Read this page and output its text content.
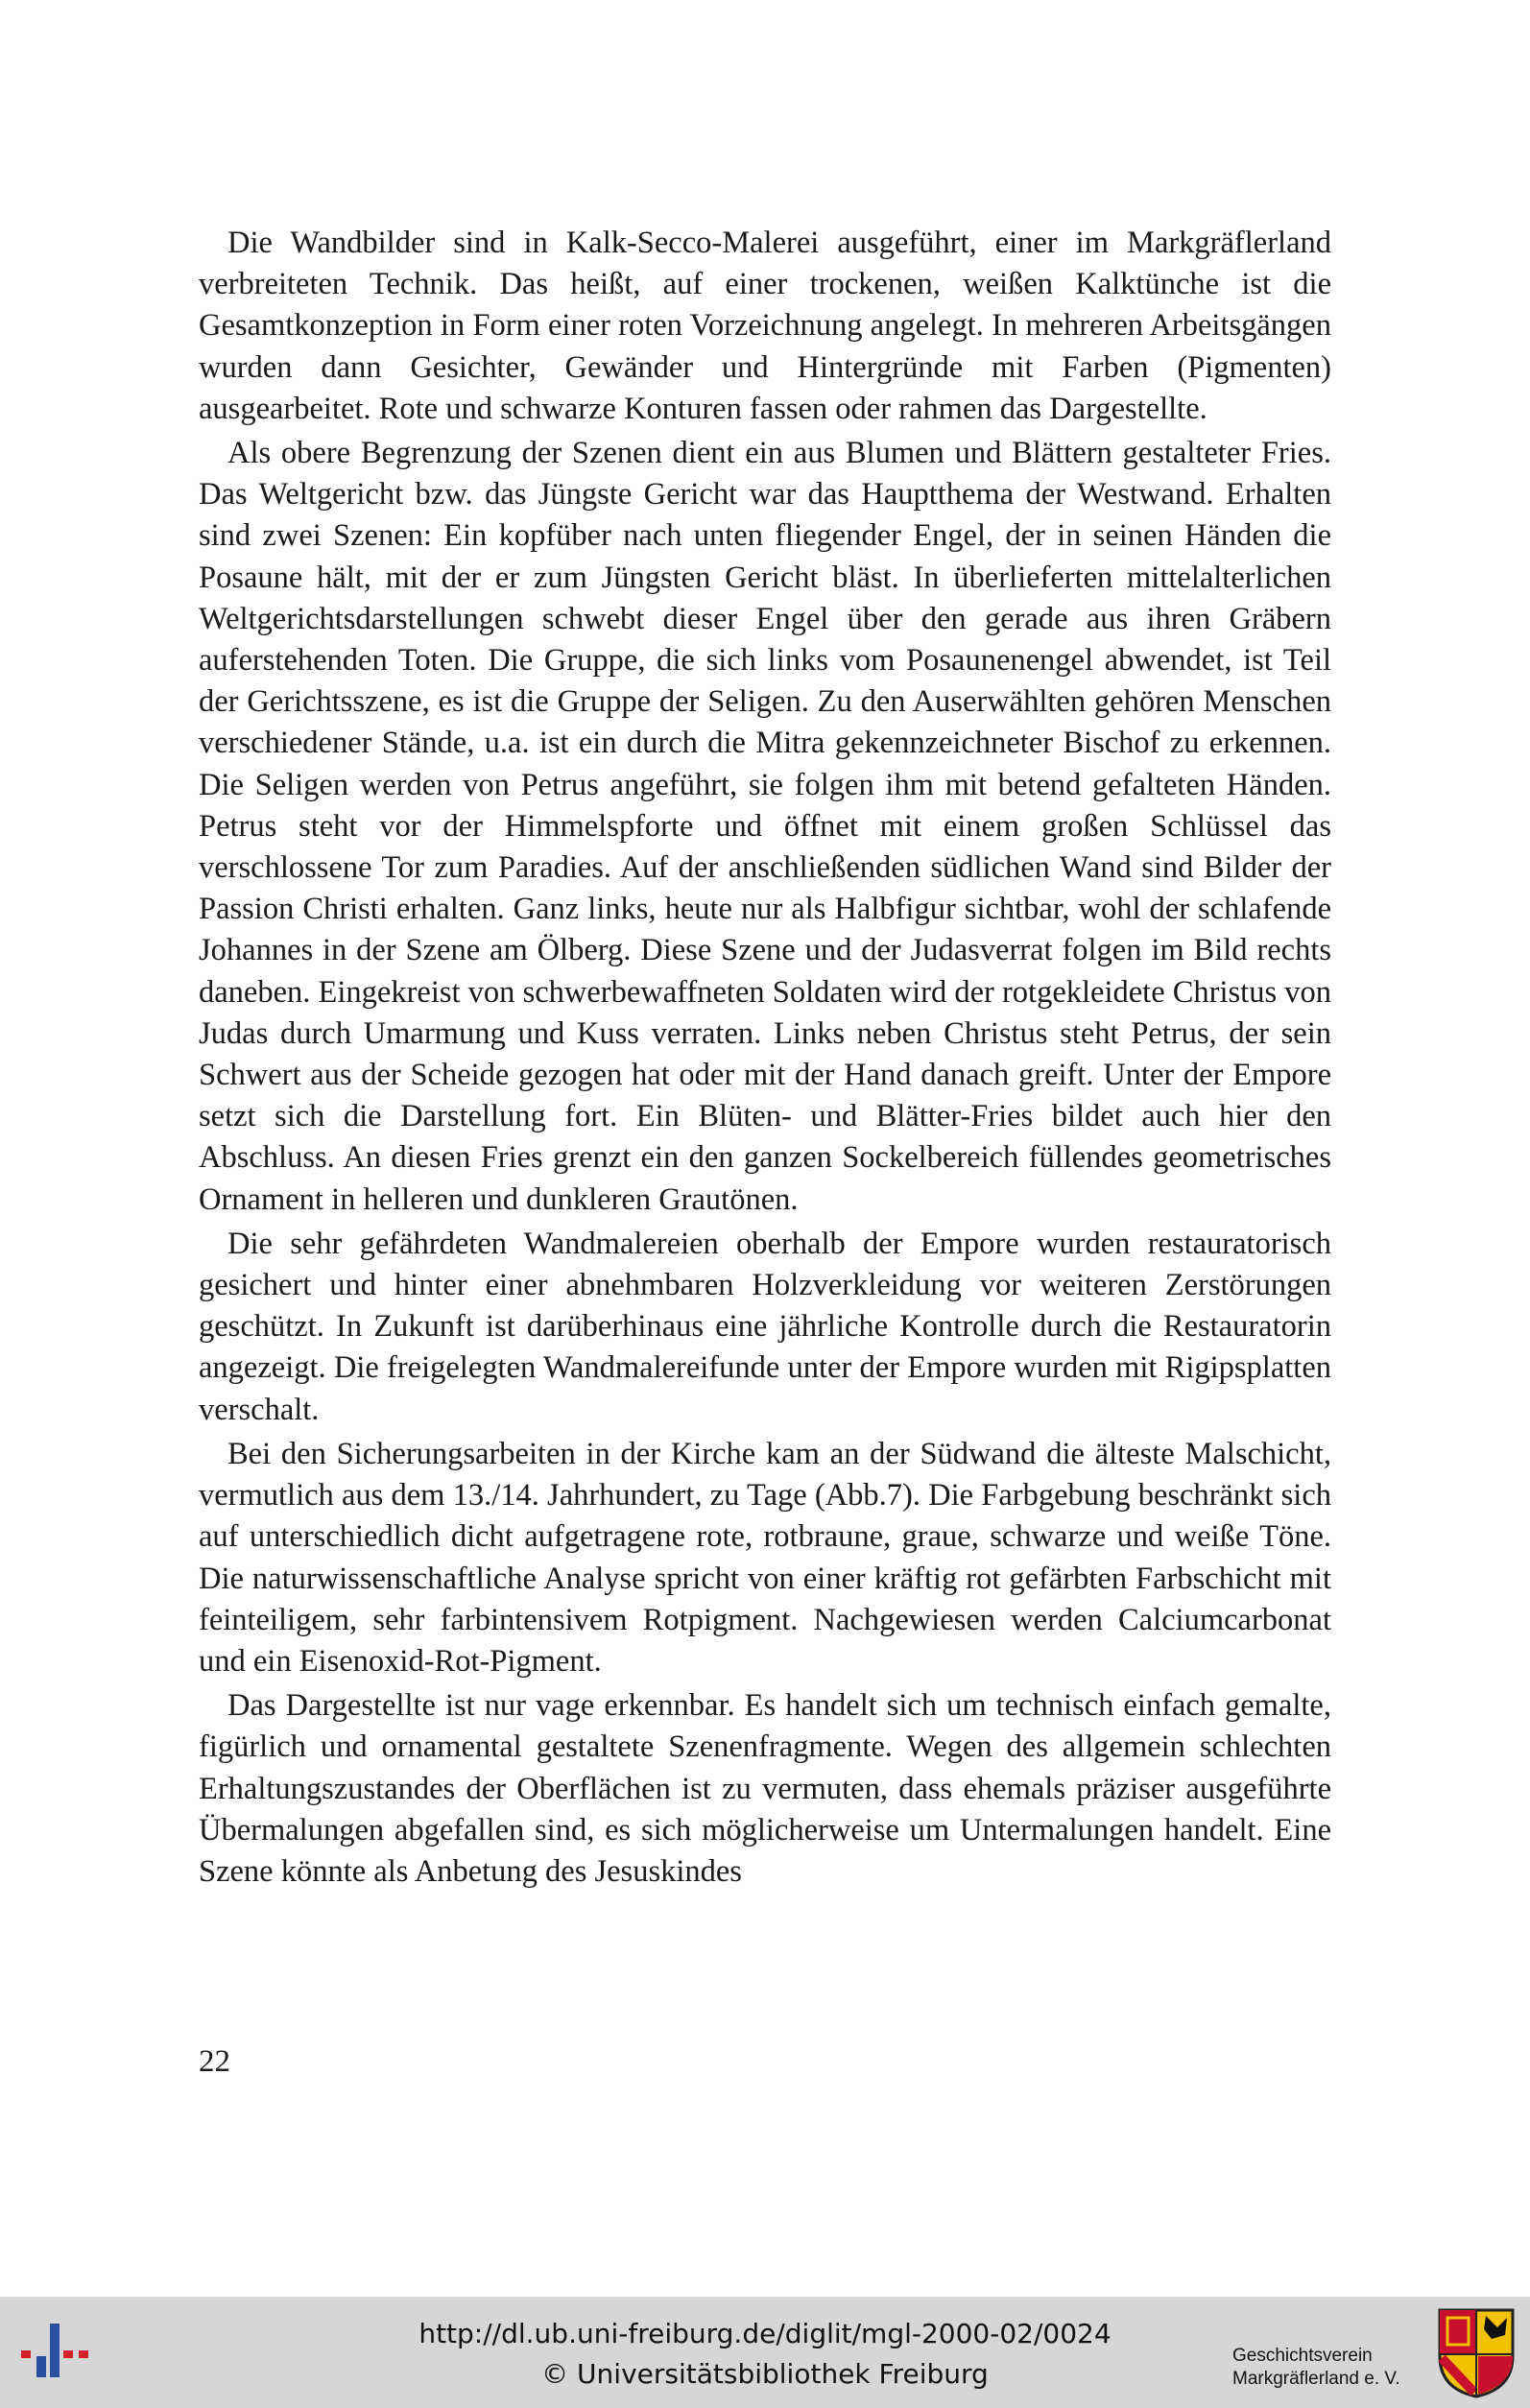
Die Wandbilder sind in Kalk-Secco-Malerei ausgeführt, einer im Markgräflerland verbreiteten Technik. Das heißt, auf einer trockenen, weißen Kalktünche ist die Gesamtkonzeption in Form einer roten Vorzeichnung angelegt. In mehreren Arbeitsgängen wurden dann Gesichter, Gewänder und Hintergründe mit Farben (Pigmenten) ausgearbeitet. Rote und schwarze Konturen fassen oder rahmen das Dargestellte.

Als obere Begrenzung der Szenen dient ein aus Blumen und Blättern gestalteter Fries. Das Weltgericht bzw. das Jüngste Gericht war das Hauptthema der Westwand. Erhalten sind zwei Szenen: Ein kopfüber nach unten fliegender Engel, der in seinen Händen die Posaune hält, mit der er zum Jüngsten Gericht bläst. In überlieferten mittelalterlichen Weltgerichtsdarstellungen schwebt dieser Engel über den gerade aus ihren Gräbern auferstehenden Toten. Die Gruppe, die sich links vom Posaunenengel abwendet, ist Teil der Gerichtsszene, es ist die Gruppe der Seligen. Zu den Auserwählten gehören Menschen verschiedener Stände, u.a. ist ein durch die Mitra gekennzeichneter Bischof zu erkennen. Die Seligen werden von Petrus angeführt, sie folgen ihm mit betend gefalteten Händen. Petrus steht vor der Himmelspforte und öffnet mit einem großen Schlüssel das verschlossene Tor zum Paradies. Auf der anschließenden südlichen Wand sind Bilder der Passion Christi erhalten. Ganz links, heute nur als Halbfigur sichtbar, wohl der schlafende Johannes in der Szene am Ölberg. Diese Szene und der Judasverrat folgen im Bild rechts daneben. Eingekreist von schwerbewaffneten Soldaten wird der rotgekleidete Christus von Judas durch Umarmung und Kuss verraten. Links neben Christus steht Petrus, der sein Schwert aus der Scheide gezogen hat oder mit der Hand danach greift. Unter der Empore setzt sich die Darstellung fort. Ein Blüten- und Blätter-Fries bildet auch hier den Abschluss. An diesen Fries grenzt ein den ganzen Sockelbereich füllendes geometrisches Ornament in helleren und dunkleren Grautönen.

Die sehr gefährdeten Wandmalereien oberhalb der Empore wurden restauratorisch gesichert und hinter einer abnehmbaren Holzverkleidung vor weiteren Zerstörungen geschützt. In Zukunft ist darüberhinaus eine jährliche Kontrolle durch die Restauratorin angezeigt. Die freigelegten Wandmalereifunde unter der Empore wurden mit Rigipsplatten verschalt.

Bei den Sicherungsarbeiten in der Kirche kam an der Südwand die älteste Malschicht, vermutlich aus dem 13./14. Jahrhundert, zu Tage (Abb.7). Die Farbgebung beschränkt sich auf unterschiedlich dicht aufgetragene rote, rotbraune, graue, schwarze und weiße Töne. Die naturwissenschaftliche Analyse spricht von einer kräftig rot gefärbten Farbschicht mit feinteiligem, sehr farbintensivem Rotpigment. Nachgewiesen werden Calciumcarbonat und ein Eisenoxid-Rot-Pigment.

Das Dargestellte ist nur vage erkennbar. Es handelt sich um technisch einfach gemalte, figürlich und ornamental gestaltete Szenenfragmente. Wegen des allgemein schlechten Erhaltungszustandes der Oberflächen ist zu vermuten, dass ehemals präziser ausgeführte Übermalungen abgefallen sind, es sich möglicherweise um Untermalungen handelt. Eine Szene könnte als Anbetung des Jesuskindes

22
http://dl.ub.uni-freiburg.de/diglit/mgl-2000-02/0024
© Universitätsbibliothek Freiburg
Geschichtsverein
Markgräflerland e. V.
